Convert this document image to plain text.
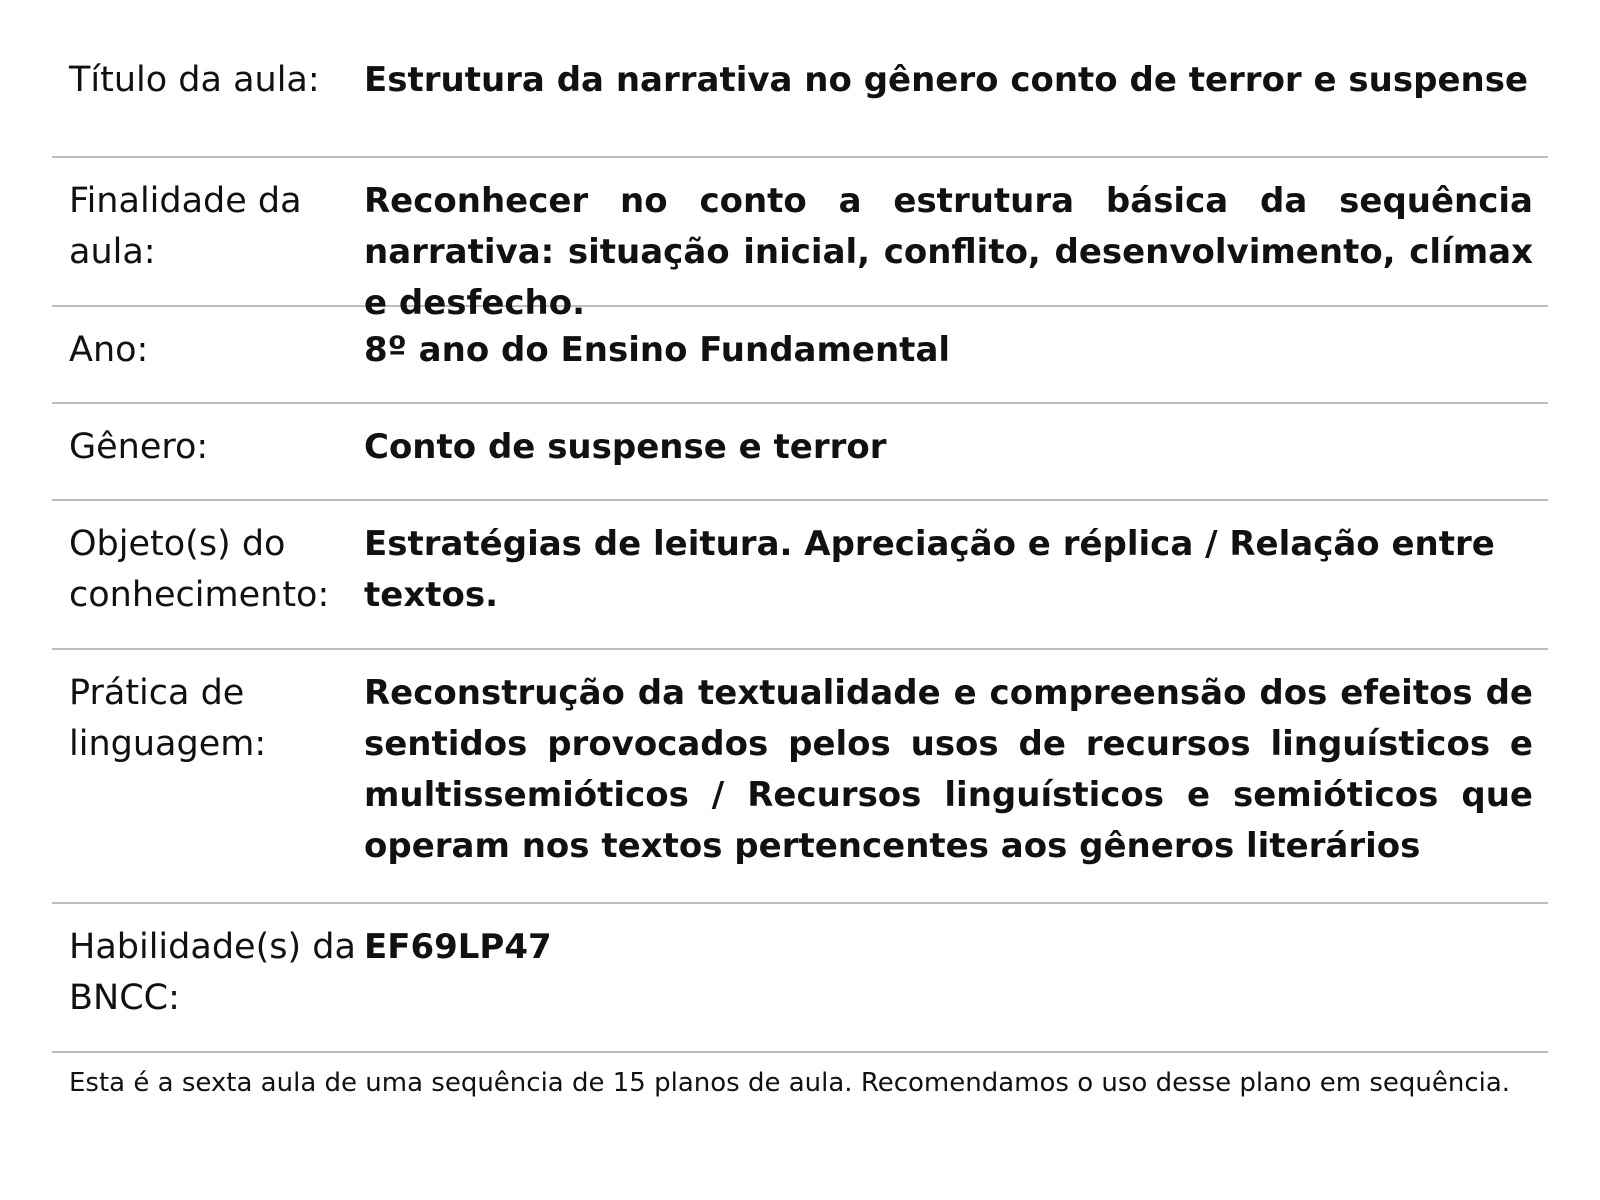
Título da aula:	Estrutura da narrativa no gênero conto de terror e suspense
Finalidade da aula:
Reconhecer no conto a estrutura básica da sequência narrativa: situação inicial, conflito, desenvolvimento, clímax e desfecho.
Ano:	8º ano do Ensino Fundamental
Gênero:	Conto de suspense e terror
Objeto(s) do conhecimento:
Estratégias de leitura. Apreciação e réplica / Relação entre textos.
Prática de linguagem:
Reconstrução da textualidade e compreensão dos efeitos de sentidos provocados pelos usos de recursos linguísticos e multissemióticos / Recursos linguísticos e semióticos que operam nos textos pertencentes aos gêneros literários
Habilidade(s) da BNCC:
EF69LP47
Esta é a sexta aula de uma sequência de 15 planos de aula. Recomendamos o uso desse plano em sequência.
